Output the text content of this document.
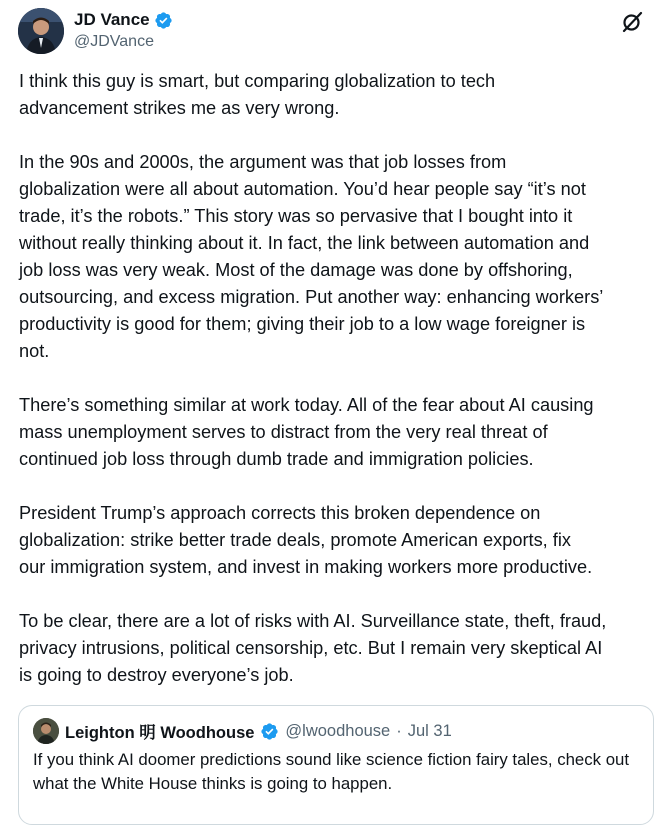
JD Vance
@JDVance

I think this guy is smart, but comparing globalization to tech
advancement strikes me as very wrong.

In the 90s and 2000s, the argument was that job losses from
globalization were all about automation. You’d hear people say “it’s not
trade, it’s the robots.” This story was so pervasive that I bought into it
without really thinking about it. In fact, the link between automation and
job loss was very weak. Most of the damage was done by offshoring,
outsourcing, and excess migration. Put another way: enhancing workers’
productivity is good for them; giving their job to a low wage foreigner is
not.

There’s something similar at work today. All of the fear about AI causing
mass unemployment serves to distract from the very real threat of
continued job loss through dumb trade and immigration policies.

President Trump’s approach corrects this broken dependence on
globalization: strike better trade deals, promote American exports, fix
our immigration system, and invest in making workers more productive.

To be clear, there are a lot of risks with AI. Surveillance state, theft, fraud,
privacy intrusions, political censorship, etc. But I remain very skeptical AI
is going to destroy everyone’s job.

Leighton 明 Woodhouse @lwoodhouse · Jul 31
If you think AI doomer predictions sound like science fiction fairy tales, check out what the White House thinks is going to happen.
